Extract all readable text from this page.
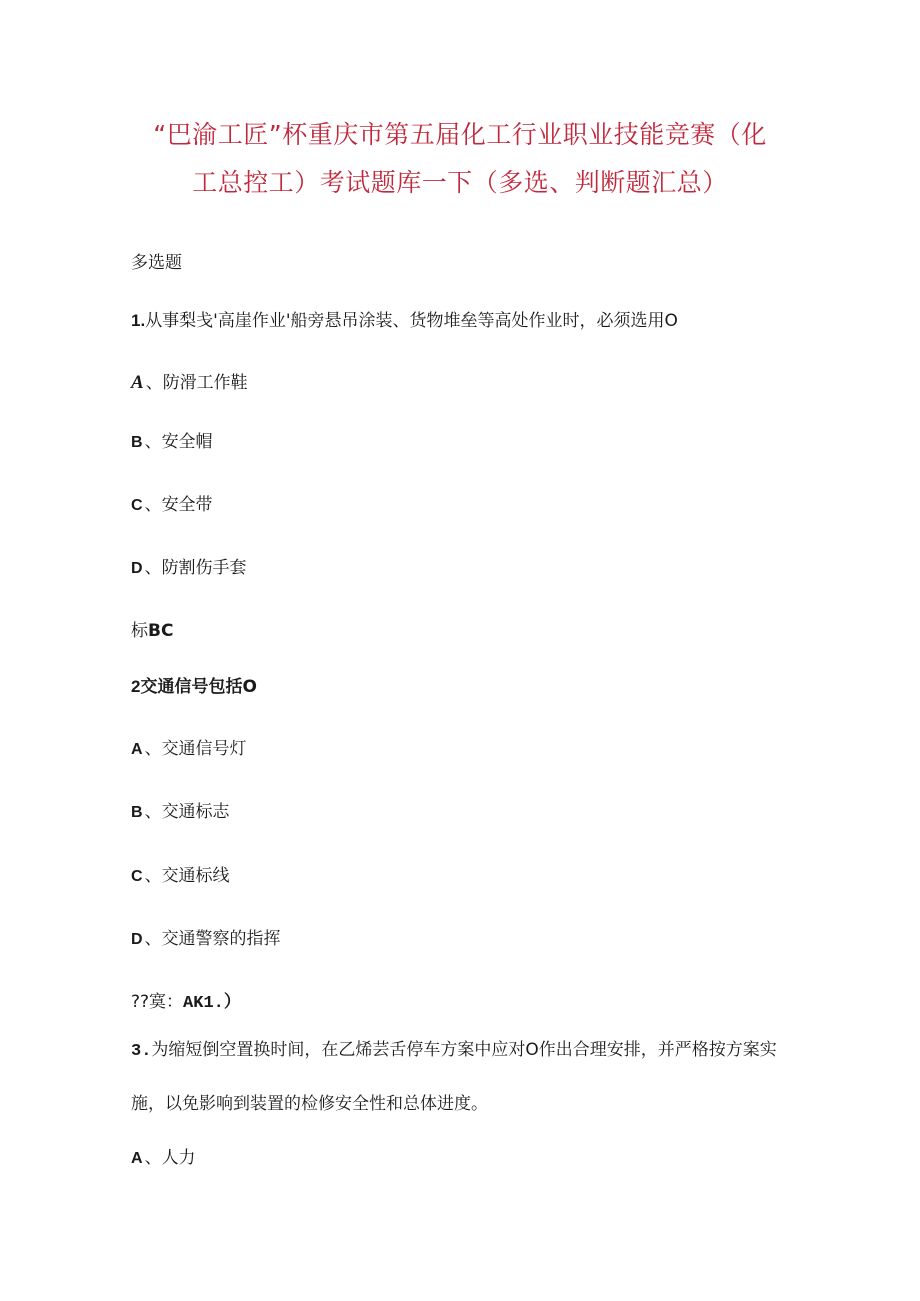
“巴渝工匠”杯重庆市第五届化工行业职业技能竞赛（化
工总控工）考试题库一下（多选、判断题汇总）
多选题
1.从事梨戋'高崖作业'船旁悬吊涂装、货物堆垒等高处作业时，必须选用O
A 、防滑工作鞋
B 、安全帽
C 、安全带
D 、防割伤手套
标BC
2交通信号包括O
A 、交通信号灯
B 、交通标志
C 、交通标线
D 、交通警察的指挥
??寞：AK1.）
3.为缩短倒空置换时间，在乙烯芸舌停车方案中应对O作出合理安排，并严格按方案实
施，以免影响到装置的检修安全性和总体进度。
A 、人力
